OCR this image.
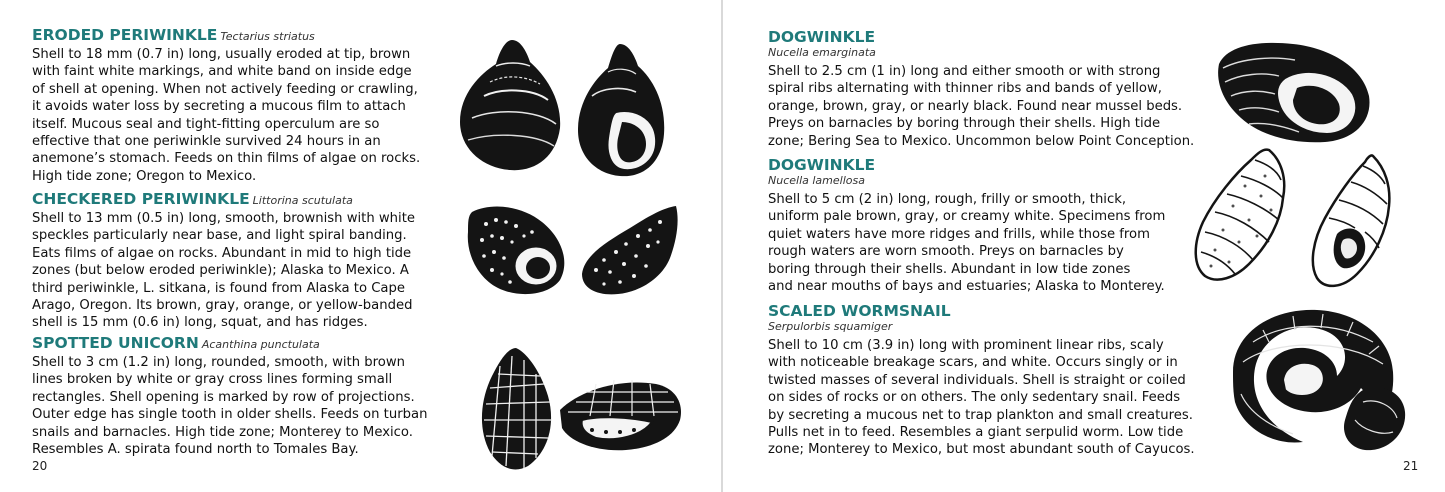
ERODED PERIWINKLE Tectarius striatus
Shell to 18 mm (0.7 in) long, usually eroded at tip, brown
with faint white markings, and white band on inside edge
of shell at opening. When not actively feeding or crawling,
it avoids water loss by secreting a mucous film to attach
itself. Mucous seal and tight-fitting operculum are so
effective that one periwinkle survived 24 hours in an
anemone’s stomach. Feeds on thin films of algae on rocks.
High tide zone; Oregon to Mexico.
CHECKERED PERIWINKLE Littorina scutulata
Shell to 13 mm (0.5 in) long, smooth, brownish with white
speckles particularly near base, and light spiral banding.
Eats films of algae on rocks. Abundant in mid to high tide
zones (but below eroded periwinkle); Alaska to Mexico. A
third periwinkle, L. sitkana, is found from Alaska to Cape
Arago, Oregon. Its brown, gray, orange, or yellow-banded
shell is 15 mm (0.6 in) long, squat, and has ridges.
SPOTTED UNICORN Acanthina punctulata
Shell to 3 cm (1.2 in) long, rounded, smooth, with brown
lines broken by white or gray cross lines forming small
rectangles. Shell opening is marked by row of projections.
Outer edge has single tooth in older shells. Feeds on turban
snails and barnacles. High tide zone; Monterey to Mexico.
Resembles A. spirata found north to Tomales Bay.
20
DOGWINKLE
Nucella emarginata
Shell to 2.5 cm (1 in) long and either smooth or with strong
spiral ribs alternating with thinner ribs and bands of yellow,
orange, brown, gray, or nearly black. Found near mussel beds.
Preys on barnacles by boring through their shells. High tide
zone; Bering Sea to Mexico. Uncommon below Point Conception.
DOGWINKLE
Nucella lamellosa
Shell to 5 cm (2 in) long, rough, frilly or smooth, thick,
uniform pale brown, gray, or creamy white. Specimens from
quiet waters have more ridges and frills, while those from
rough waters are worn smooth. Preys on barnacles by
boring through their shells. Abundant in low tide zones
and near mouths of bays and estuaries; Alaska to Monterey.
SCALED WORMSNAIL
Serpulorbis squamiger
Shell to 10 cm (3.9 in) long with prominent linear ribs, scaly
with noticeable breakage scars, and white. Occurs singly or in
twisted masses of several individuals. Shell is straight or coiled
on sides of rocks or on others. The only sedentary snail. Feeds
by secreting a mucous net to trap plankton and small creatures.
Pulls net in to feed. Resembles a giant serpulid worm. Low tide
zone; Monterey to Mexico, but most abundant south of Cayucos.
21
